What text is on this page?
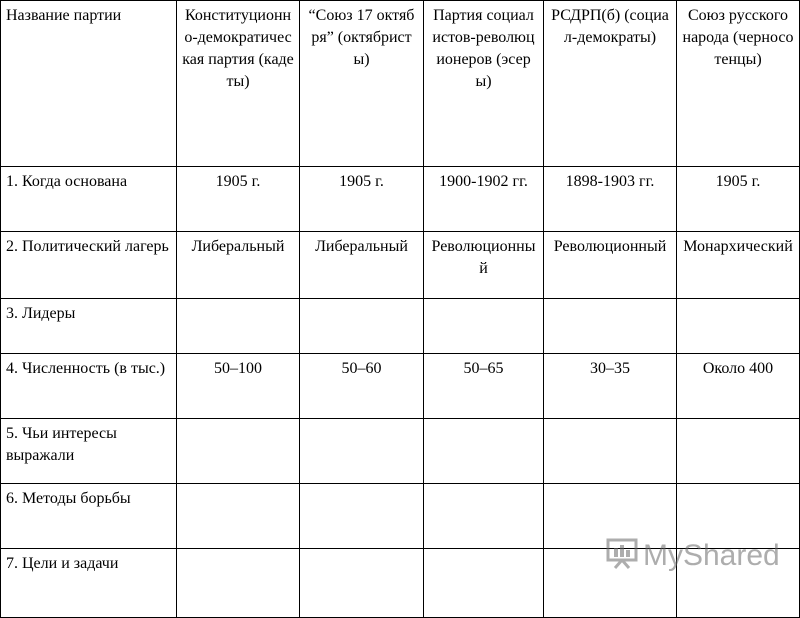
Название партии	Конституционно-демократическая партия (кадеты)	“Союз 17 октября” (октябристы)	Партия социалистов-революционеров (эсеры)	РСДРП(б) (социал-демократы)	Союз русского народа (черносотенцы)

1. Когда основана	1905 г.	1905 г.	1900-1902 гг.	1898-1903 гг.	1905 г.
2. Политический лагерь	Либеральный	Либеральный	Революционный	Революционный	Монархический
3. Лидеры					
4. Численность (в тыс.)	50–100	50–60	50–65	30–35	Около 400
5. Чьи интересы выражали					
6. Методы борьбы					
7. Цели и задачи						MyShared
